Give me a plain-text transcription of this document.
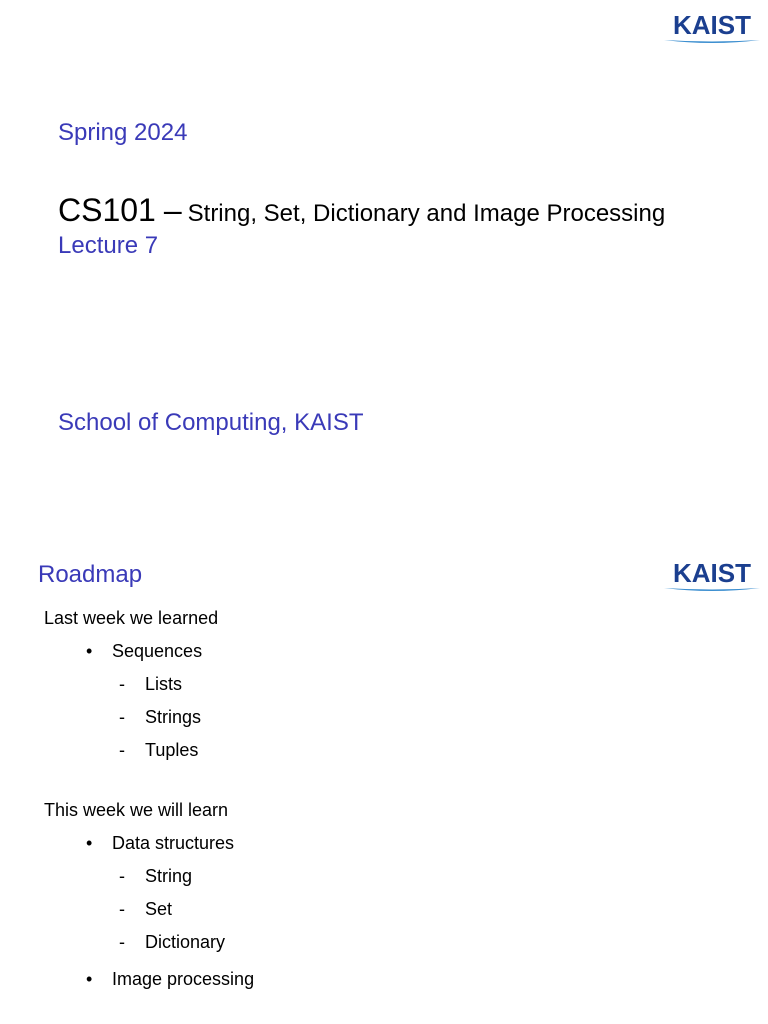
KAIST
Spring 2024
CS101 – String, Set, Dictionary and Image Processing
Lecture 7
School of Computing, KAIST
KAIST
Roadmap
Last week we learned
• Sequences
- Lists
- Strings
- Tuples
This week we will learn
• Data structures
- String
- Set
- Dictionary
• Image processing
